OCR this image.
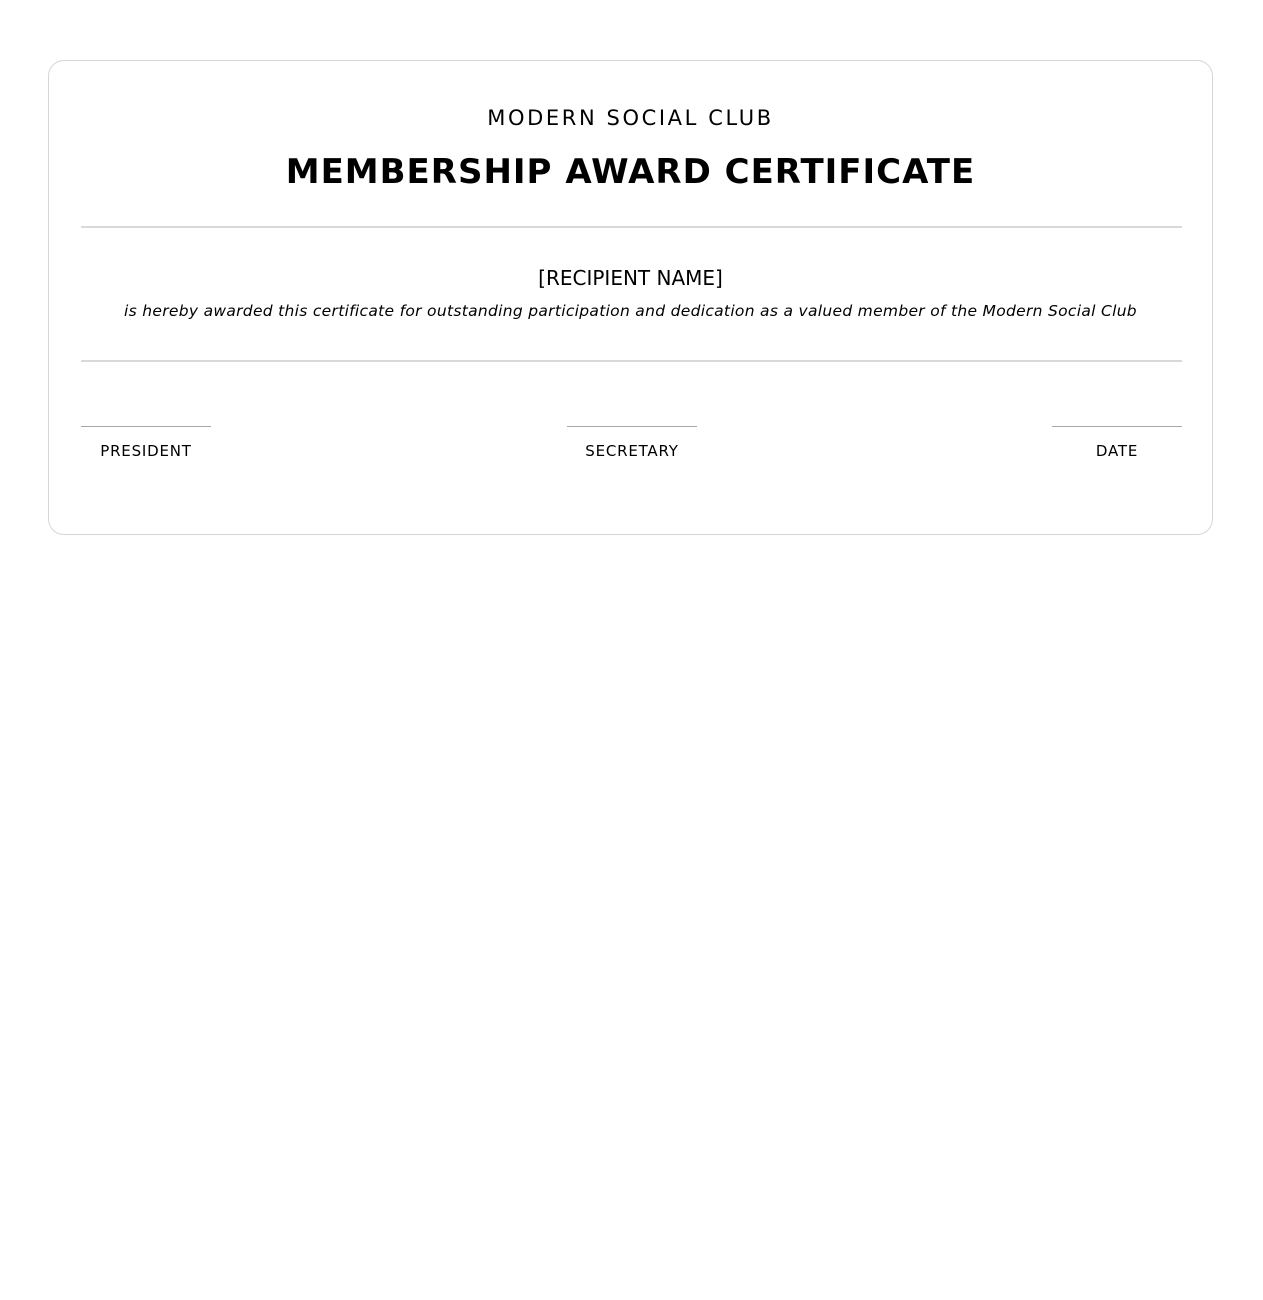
MODERN SOCIAL CLUB
MEMBERSHIP AWARD CERTIFICATE
[RECIPIENT NAME]
is hereby awarded this certificate for outstanding participation and dedication as a valued member of the Modern Social Club
PRESIDENT	SECRETARY	DATE
